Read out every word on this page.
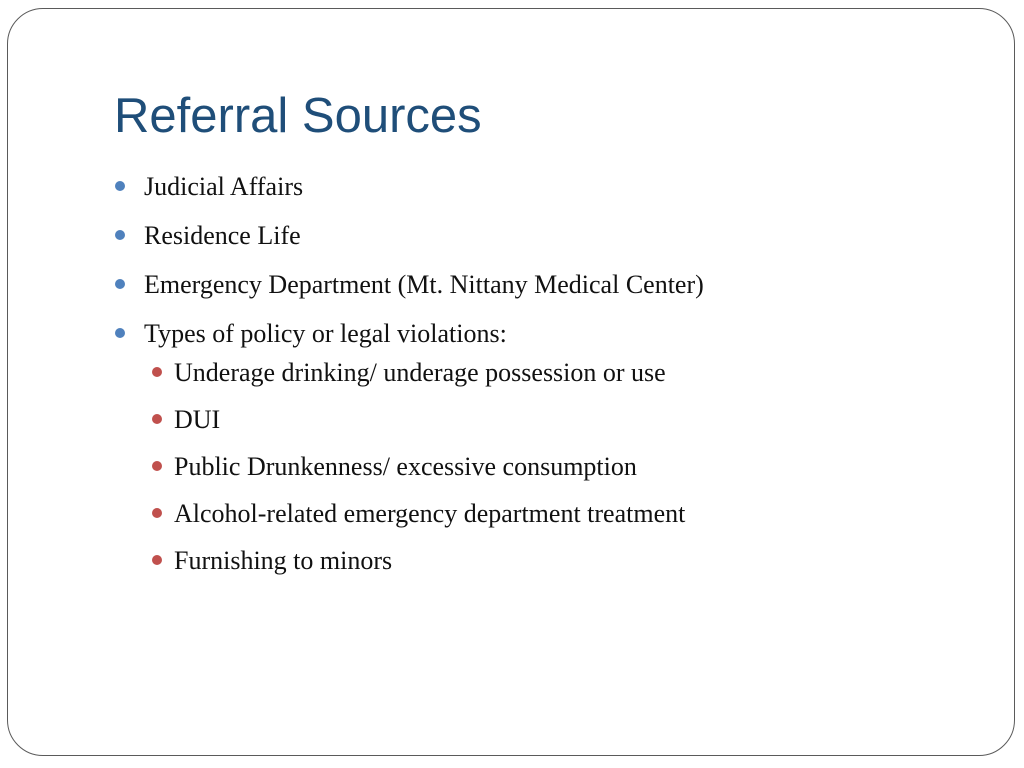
Referral Sources
Judicial Affairs
Residence Life
Emergency Department (Mt. Nittany Medical Center)
Types of policy or legal violations:
Underage drinking/ underage possession or use
DUI
Public Drunkenness/ excessive consumption
Alcohol-related emergency department treatment
Furnishing to minors
